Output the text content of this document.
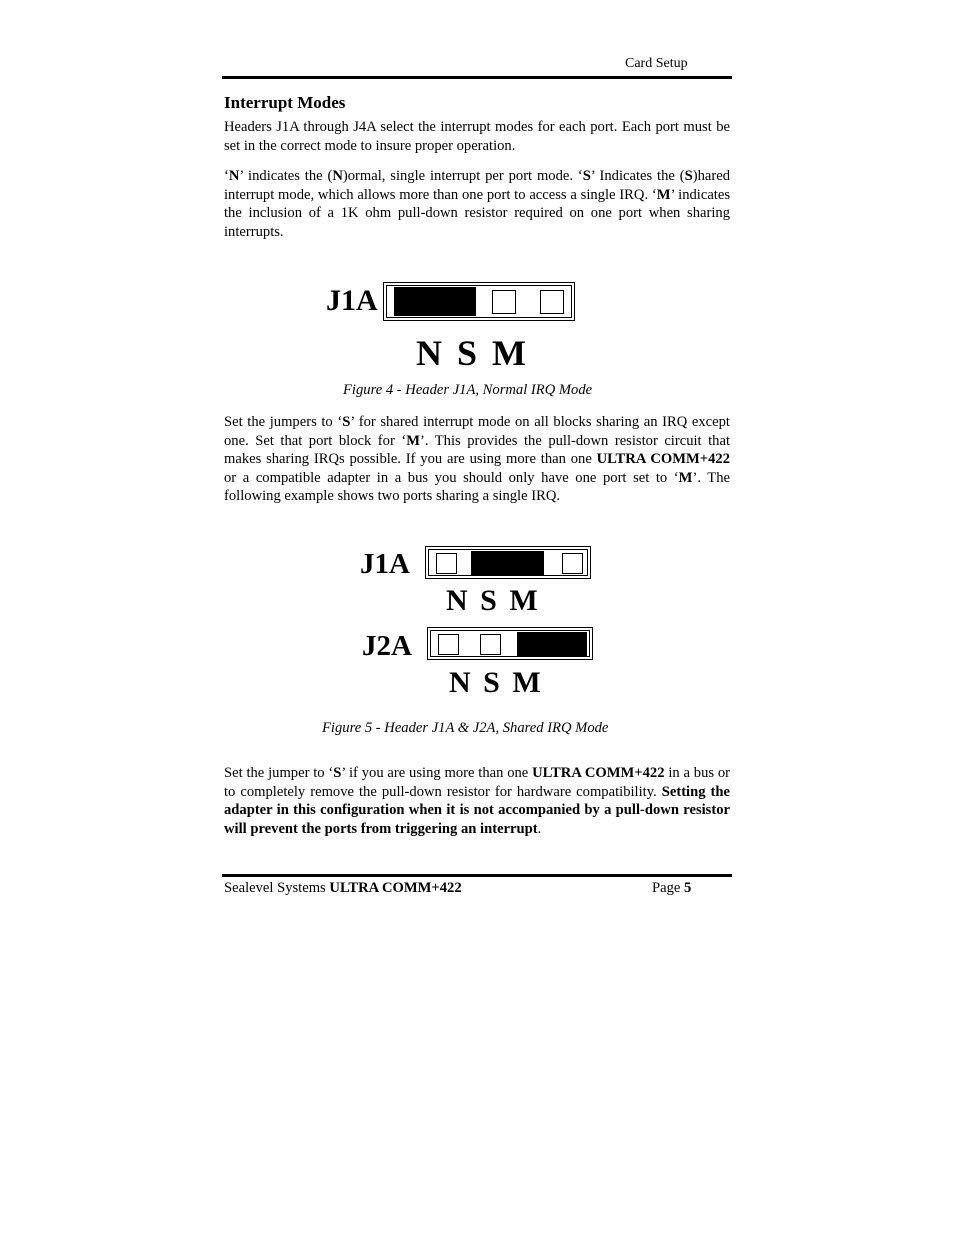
Card Setup
Interrupt Modes
Headers J1A through J4A select the interrupt modes for each port. Each port must be set in the correct mode to insure proper operation.
‘N’ indicates the (N)ormal, single interrupt per port mode. ‘S’ Indicates the (S)hared interrupt mode, which allows more than one port to access a single IRQ. ‘M’ indicates the inclusion of a 1K ohm pull-down resistor required on one port when sharing interrupts.
J1A
N S M
Figure 4 - Header J1A, Normal IRQ Mode
Set the jumpers to ‘S’ for shared interrupt mode on all blocks sharing an IRQ except one. Set that port block for ‘M’. This provides the pull-down resistor circuit that makes sharing IRQs possible. If you are using more than one ULTRA COMM+422 or a compatible adapter in a bus you should only have one port set to ‘M’. The following example shows two ports sharing a single IRQ.
J1A
N S M
J2A
N S M
Figure 5 - Header J1A & J2A, Shared IRQ Mode
Set the jumper to ‘S’ if you are using more than one ULTRA COMM+422 in a bus or to completely remove the pull-down resistor for hardware compatibility. Setting the adapter in this configuration when it is not accompanied by a pull-down resistor will prevent the ports from triggering an interrupt.
Sealevel Systems ULTRA COMM+422	Page 5
